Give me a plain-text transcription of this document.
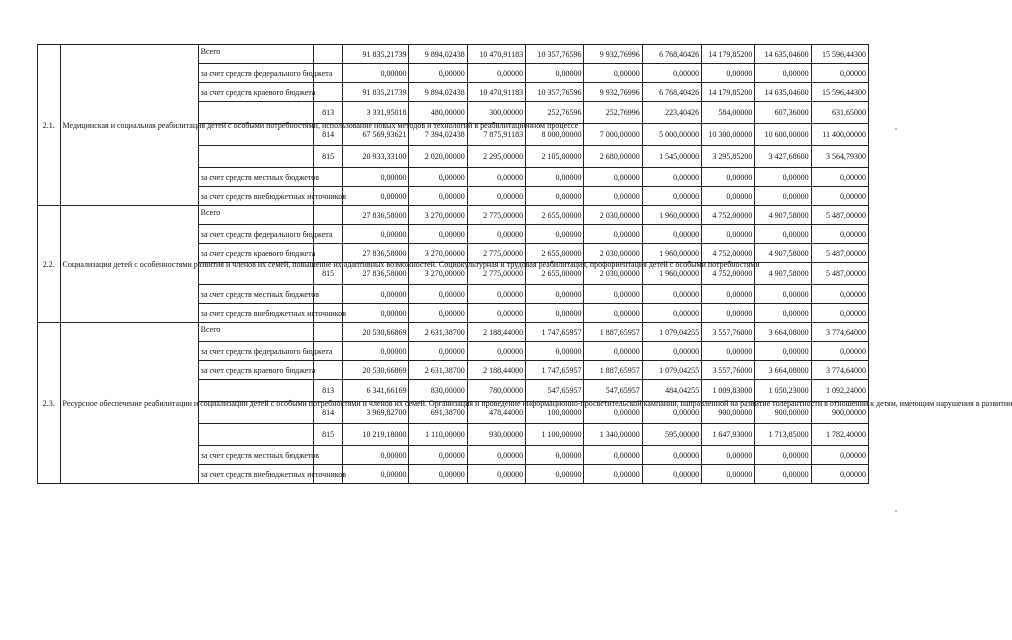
2.1.	Медицинская и социальная реабилитация детей с особыми потребностями, использование новых методов и технологий в реабилитационном процессе	Всего		91 835,21739	9 894,02438	10 470,91183	10 357,76596	9 932,76996	6 768,40426	14 179,85200	14 635,04600	15 596,44300
		за счет средств федерального бюджета		0,00000	0,00000	0,00000	0,00000	0,00000	0,00000	0,00000	0,00000	0,00000
		за счет средств краевого бюджета		91 835,21739	9 894,02438	10 470,91183	10 357,76596	9 932,76996	6 768,40426	14 179,85200	14 635,04600	15 596,44300
			813	3 331,95018	480,00000	300,00000	252,76596	252,76996	223,40426	584,00000	607,36000	631,65000
			814	67 569,93621	7 394,02438	7 875,91183	8 000,00000	7 000,00000	5 000,00000	10 300,00000	10 600,00000	11 400,00000
			815	20 933,33100	2 020,00000	2 295,00000	2 105,00000	2 680,00000	1 545,00000	3 295,85200	3 427,68600	3 564,79300
		за счет средств местных бюджетов		0,00000	0,00000	0,00000	0,00000	0,00000	0,00000	0,00000	0,00000	0,00000
		за счет средств внебюджетных источников		0,00000	0,00000	0,00000	0,00000	0,00000	0,00000	0,00000	0,00000	0,00000
2.2.	Социализация детей с особенностями развития и членов их семей, повышение их адаптивных возможностей. Социокультурная и трудовая реабилитация, профориентация детей с особыми потребностями	Всего		27 836,58000	3 270,00000	2 775,00000	2 655,00000	2 030,00000	1 960,00000	4 752,00000	4 907,58000	5 487,00000
		за счет средств федерального бюджета		0,00000	0,00000	0,00000	0,00000	0,00000	0,00000	0,00000	0,00000	0,00000
		за счет средств краевого бюджета		27 836,58000	3 270,00000	2 775,00000	2 655,00000	2 030,00000	1 960,00000	4 752,00000	4 907,58000	5 487,00000
			815	27 836,58000	3 270,00000	2 775,00000	2 655,00000	2 030,00000	1 960,00000	4 752,00000	4 907,58000	5 487,00000
		за счет средств местных бюджетов		0,00000	0,00000	0,00000	0,00000	0,00000	0,00000	0,00000	0,00000	0,00000
		за счет средств внебюджетных источников		0,00000	0,00000	0,00000	0,00000	0,00000	0,00000	0,00000	0,00000	0,00000
2.3.	Ресурсное обеспечение реабилитации и социализации детей с особыми потребностями и членов их семей. Организация и проведение информационно-просветительской кампании, направленной на развитие толерантности в отношении к детям, имеющим нарушения в развитии	Всего		20 530,66869	2 631,38700	2 188,44000	1 747,65957	1 887,65957	1 079,04255	3 557,76000	3 664,08000	3 774,64000
		за счет средств федерального бюджета		0,00000	0,00000	0,00000	0,00000	0,00000	0,00000	0,00000	0,00000	0,00000
		за счет средств краевого бюджета		20 530,66869	2 631,38700	2 188,44000	1 747,65957	1 887,65957	1 079,04255	3 557,76000	3 664,08000	3 774,64000
			813	6 341,66169	830,00000	780,00000	547,65957	547,65957	484,04255	1 009,83000	1 050,23000	1 092,24000
			814	3 969,82700	691,38700	478,44000	100,00000	0,00000	0,00000	900,00000	900,00000	900,00000
			815	10 219,18000	1 110,00000	930,00000	1 100,00000	1 340,00000	595,00000	1 647,93000	1 713,85000	1 782,40000
		за счет средств местных бюджетов		0,00000	0,00000	0,00000	0,00000	0,00000	0,00000	0,00000	0,00000	0,00000
		за счет средств внебюджетных источников		0,00000	0,00000	0,00000	0,00000	0,00000	0,00000	0,00000	0,00000	0,00000
